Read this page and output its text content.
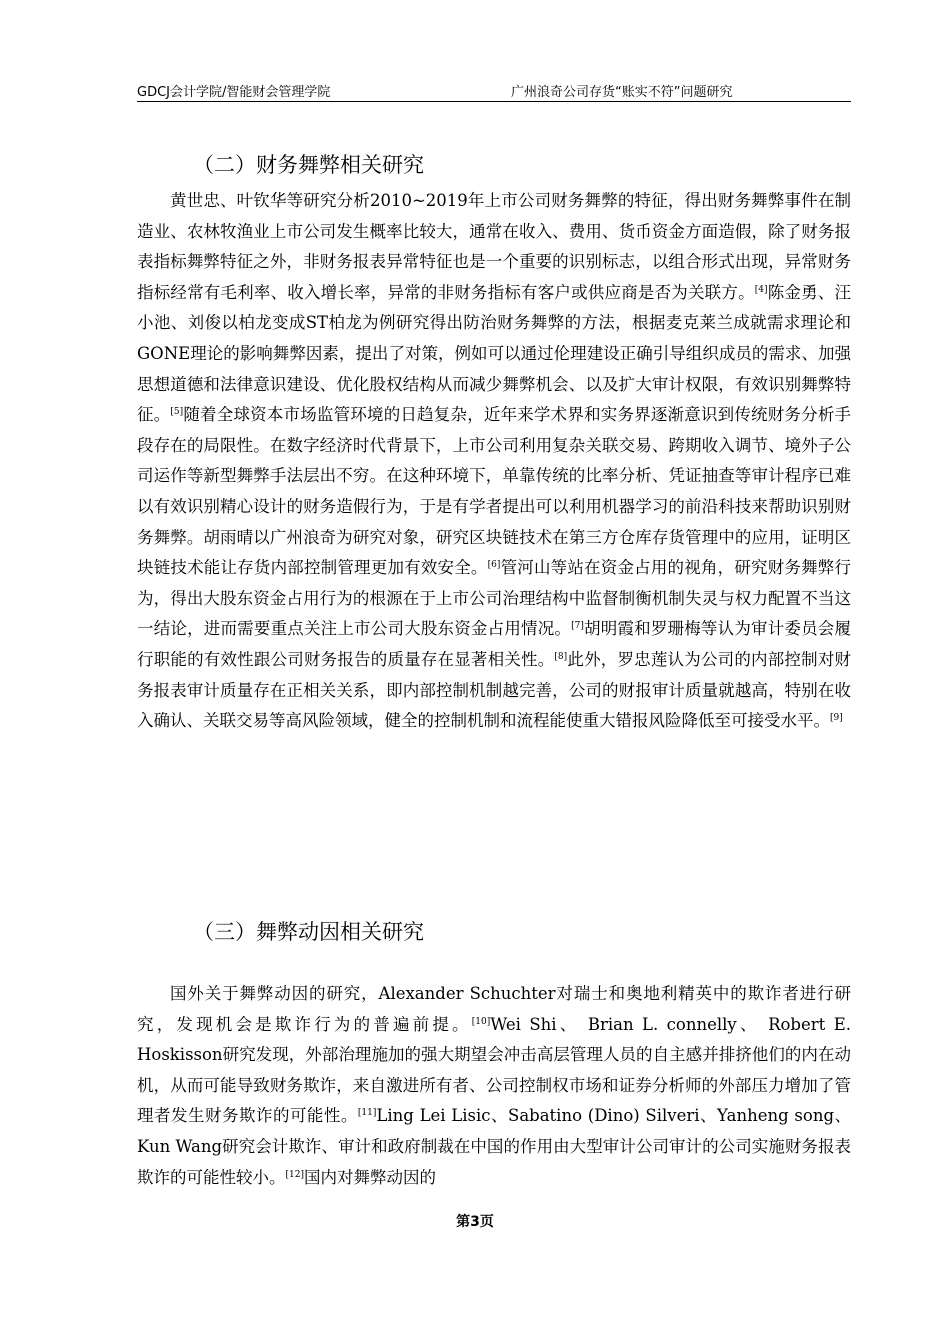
GDCJ会计学院/智能财会管理学院	广州浪奇公司存货“账实不符”问题研究
（二）财务舞弊相关研究

黄世忠、叶钦华等研究分析2010~2019年上市公司财务舞弊的特征，得出财务舞弊事件在制造业、农林牧渔业上市公司发生概率比较大，通常在收入、费用、货币资金方面造假，除了财务报表指标舞弊特征之外，非财务报表异常特征也是一个重要的识别标志，以组合形式出现，异常财务指标经常有毛利率、收入增长率，异常的非财务指标有客户或供应商是否为关联方。[4]陈金勇、汪小池、刘俊以柏龙变成ST柏龙为例研究得出防治财务舞弊的方法，根据麦克莱兰成就需求理论和GONE理论的影响舞弊因素，提出了对策，例如可以通过伦理建设正确引导组织成员的需求、加强思想道德和法律意识建设、优化股权结构从而减少舞弊机会、以及扩大审计权限，有效识别舞弊特征。[5]随着全球资本市场监管环境的日趋复杂，近年来学术界和实务界逐渐意识到传统财务分析手段存在的局限性。在数字经济时代背景下，上市公司利用复杂关联交易、跨期收入调节、境外子公司运作等新型舞弊手法层出不穷。在这种环境下，单靠传统的比率分析、凭证抽查等审计程序已难以有效识别精心设计的财务造假行为，于是有学者提出可以利用机器学习的前沿科技来帮助识别财务舞弊。胡雨晴以广州浪奇为研究对象，研究区块链技术在第三方仓库存货管理中的应用，证明区块链技术能让存货内部控制管理更加有效安全。[6]管河山等站在资金占用的视角，研究财务舞弊行为，得出大股东资金占用行为的根源在于上市公司治理结构中监督制衡机制失灵与权力配置不当这一结论，进而需要重点关注上市公司大股东资金占用情况。[7]胡明霞和罗珊梅等认为审计委员会履行职能的有效性跟公司财务报告的质量存在显著相关性。[8]此外，罗忠莲认为公司的内部控制对财务报表审计质量存在正相关关系，即内部控制机制越完善，公司的财报审计质量就越高，特别在收入确认、关联交易等高风险领域，健全的控制机制和流程能使重大错报风险降低至可接受水平。[9]

（三）舞弊动因相关研究

国外关于舞弊动因的研究，Alexander Schuchter对瑞士和奥地利精英中的欺诈者进行研究，发现机会是欺诈行为的普遍前提。[10]Wei Shi、 Brian L. connelly、 Robert E. Hoskisson研究发现，外部治理施加的强大期望会冲击高层管理人员的自主感并排挤他们的内在动机，从而可能导致财务欺诈，来自激进所有者、公司控制权市场和证券分析师的外部压力增加了管理者发生财务欺诈的可能性。[11]Ling Lei Lisic、Sabatino (Dino) Silveri、Yanheng song、Kun Wang研究会计欺诈、审计和政府制裁在中国的作用由大型审计公司审计的公司实施财务报表欺诈的可能性较小。[12]国内对舞弊动因的

第3页
